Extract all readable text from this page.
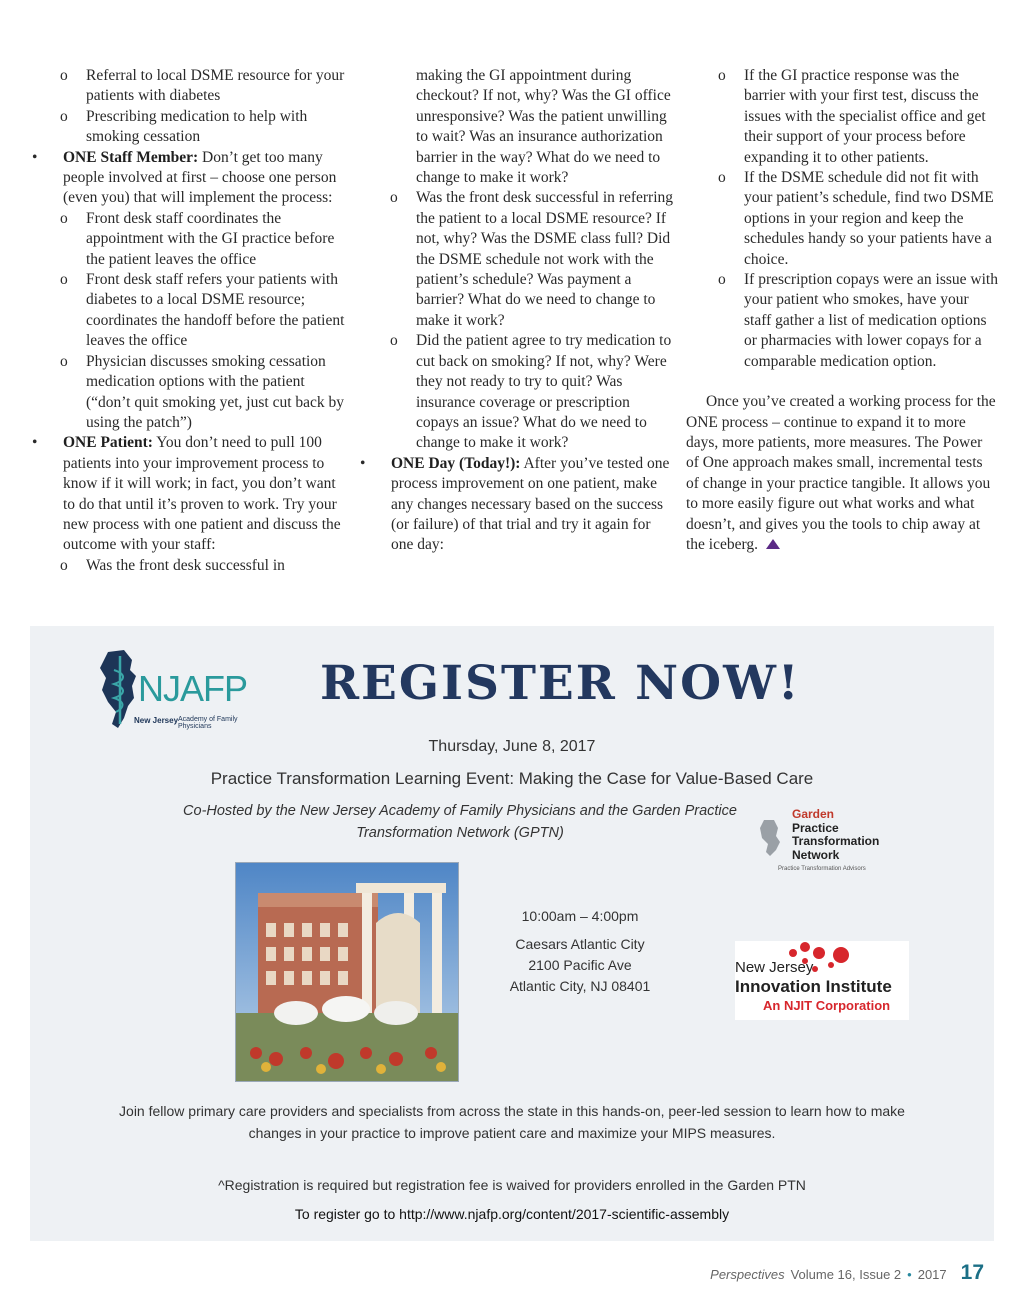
o	Referral to local DSME resource for your patients with diabetes
o	Prescribing medication to help with smoking cessation
•	ONE Staff Member: Don’t get too many people involved at first – choose one person (even you) that will implement the process:
o	Front desk staff coordinates the appointment with the GI practice before the patient leaves the office
o	Front desk staff refers your patients with diabetes to a local DSME resource; coordinates the handoff before the patient leaves the office
o	Physician discusses smoking cessation medication options with the patient (“don’t quit smoking yet, just cut back by using the patch”)
•	ONE Patient: You don’t need to pull 100 patients into your improvement process to know if it will work; in fact, you don’t want to do that until it’s proven to work. Try your new process with one patient and discuss the outcome with your staff:
o	Was the front desk successful in
making the GI appointment during checkout? If not, why? Was the GI office unresponsive? Was the patient unwilling to wait? Was an insurance authorization barrier in the way? What do we need to change to make it work?
o	Was the front desk successful in referring the patient to a local DSME resource? If not, why? Was the DSME class full? Did the DSME schedule not work with the patient’s schedule? Was payment a barrier? What do we need to change to make it work?
o	Did the patient agree to try medication to cut back on smoking? If not, why? Were they not ready to try to quit? Was insurance coverage or prescription copays an issue? What do we need to change to make it work?
•	ONE Day (Today!): After you’ve tested one process improvement on one patient, make any changes necessary based on the success (or failure) of that trial and try it again for one day:
o	If the GI practice response was the barrier with your first test, discuss the issues with the specialist office and get their support of your process before expanding it to other patients.
o	If the DSME schedule did not fit with your patient’s schedule, find two DSME options in your region and keep the schedules handy so your patients have a choice.
o	If prescription copays were an issue with your patient who smokes, have your staff gather a list of medication options or pharmacies with lower copays for a comparable medication option.
Once you’ve created a working process for the ONE process – continue to expand it to more days, more patients, more measures. The Power of One approach makes small, incremental tests of change in your practice tangible. It allows you to more easily figure out what works and what doesn’t, and gives you the tools to chip away at the iceberg.
NJAFP
New Jersey Academy of Family Physicians
REGISTER NOW!
Thursday, June 8, 2017
Practice Transformation Learning Event: Making the Case for Value-Based Care
Co-Hosted by the New Jersey Academy of Family Physicians and the Garden Practice Transformation Network (GPTN)
Garden
Practice
Transformation
Network
Practice Transformation Advisors
10:00am – 4:00pm
Caesars Atlantic City
2100 Pacific Ave
Atlantic City, NJ 08401
New Jersey
Innovation Institute
An NJIT Corporation
Join fellow primary care providers and specialists from across the state in this hands-on, peer-led session to learn how to make changes in your practice to improve patient care and maximize your MIPS measures.
^Registration is required but registration fee is waived for providers enrolled in the Garden PTN
To register go to http://www.njafp.org/content/2017-scientific-assembly
Perspectives Volume 16, Issue 2 • 2017 17
